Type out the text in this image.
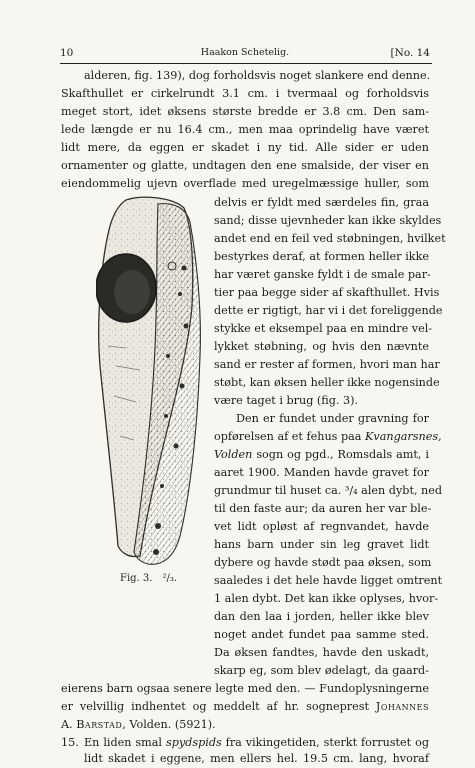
10	Haakon Schetelig.	[No. 14
alderen, fig. 139), dog forholdsvis noget slankere end denne.
Skafthullet er cirkelrundt 3.1 cm. i tvermaal og forholdsvis
meget stort, idet øksens største bredde er 3.8 cm. Den sam-
lede længde er nu 16.4 cm., men maa oprindelig have været
lidt mere, da eggen er skadet i ny tid. Alle sider er uden
ornamenter og glatte, undtagen den ene smalside, der viser en
eiendommelig ujevn overflade med uregelmæssige huller, som
delvis er fyldt med særdeles fin, graa
sand; disse ujevnheder kan ikke skyldes
andet end en feil ved støbningen, hvilket
bestyrkes deraf, at formen heller ikke
har været ganske fyldt i de smale par-
tier paa begge sider af skafthullet. Hvis
dette er rigtigt, har vi i det foreliggende
stykke et eksempel paa en mindre vel-
lykket støbning, og hvis den nævnte
sand er rester af formen, hvori man har
støbt, kan øksen heller ikke nogensinde
være taget i brug (fig. 3).
Den er fundet under gravning for
opførelsen af et fehus paa Kvangarsnes,
Volden sogn og pgd., Romsdals amt, i
aaret 1900. Manden havde gravet for
grundmur til huset ca. ³/₄ alen dybt, ned
til den faste aur; da auren her var ble-
vet lidt opløst af regnvandet, havde
hans barn under sin leg gravet lidt
dybere og havde stødt paa øksen, som
saaledes i det hele havde ligget omtrent
1 alen dybt. Det kan ikke oplyses, hvor-
dan den laa i jorden, heller ikke blev
noget andet fundet paa samme sted.
Da øksen fandtes, havde den uskadt,
skarp eg, som blev ødelagt, da gaard-
Fig. 3. ²/₃.
eierens barn ogsaa senere legte med den. — Fundoplysningerne
er velvillig indhentet og meddelt af hr. sogneprest Johannes
A. Barstad, Volden. (5921).
15. En liden smal spydspids fra vikingetiden, sterkt forrustet og
lidt skadet i eggene, men ellers hel. 19.5 cm. lang, hvoraf
